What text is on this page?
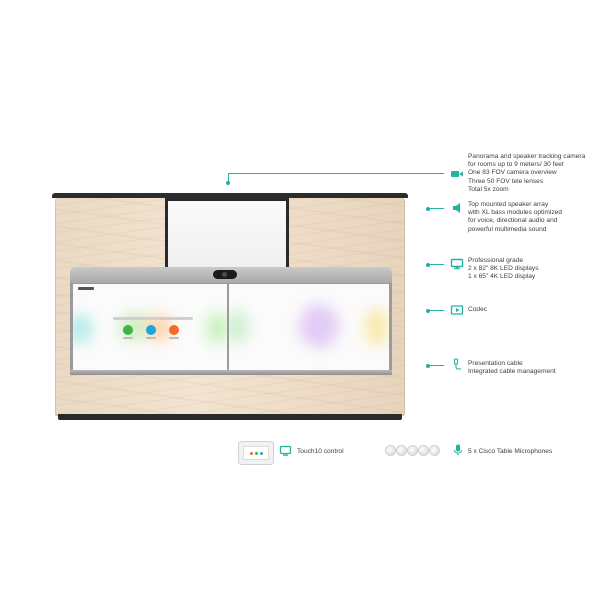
Panorama and speaker tracking camera
for rooms up to 9 meters/ 30 feet
One 83 FOV camera overview
Three 50 FOV tele lenses
Total 5x zoom
Top mounted speaker array
with XL bass modules optimized
for voice, directional audio and
powerful multimedia sound
Professional grade
2 x 82" 8K LED displays
1 x 65" 4K LED display
Codec
Presentation cable
Integrated cable management
Touch10 control	5 x Cisco Table Microphones
